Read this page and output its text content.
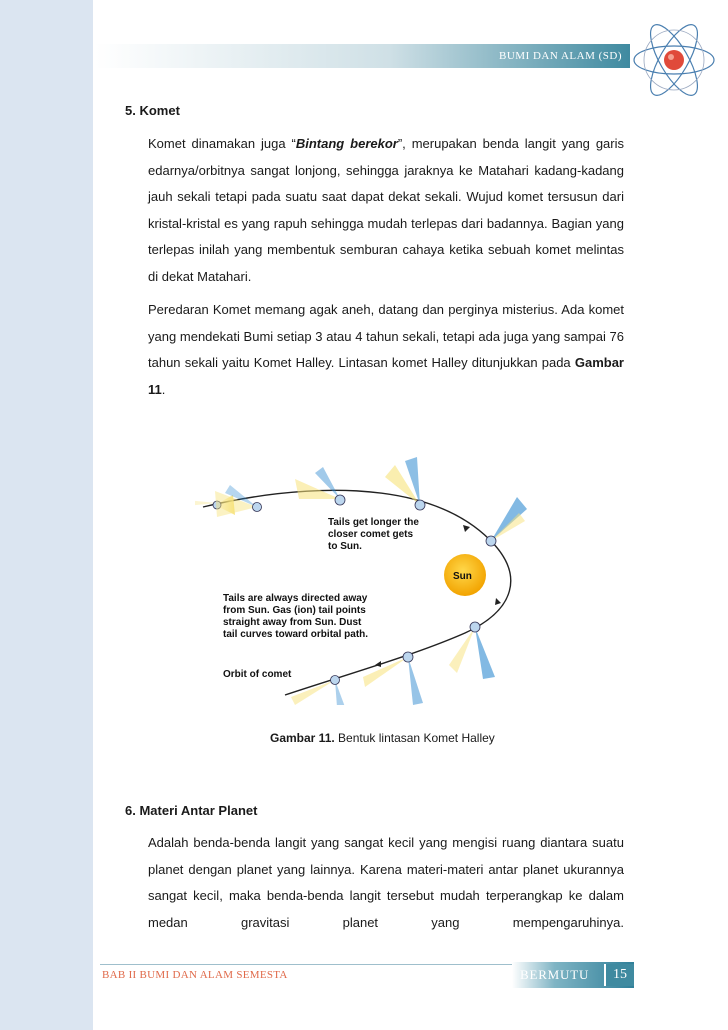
BUMI DAN ALAM (SD)
5. Komet

Komet dinamakan juga “Bintang berekor”, merupakan benda langit yang garis edarnya/orbitnya sangat lonjong, sehingga jaraknya ke Matahari kadang-kadang jauh sekali tetapi pada suatu saat dapat dekat sekali. Wujud komet tersusun dari kristal-kristal es yang rapuh sehingga mudah terlepas dari badannya. Bagian yang terlepas inilah yang membentuk semburan cahaya ketika sebuah komet melintas di dekat Matahari.

Peredaran Komet memang agak aneh, datang dan perginya misterius. Ada komet yang mendekati Bumi setiap 3 atau 4 tahun sekali, tetapi ada juga yang sampai 76 tahun sekali yaitu Komet Halley. Lintasan komet Halley ditunjukkan pada Gambar 11.

Tails get longer the closer comet gets to Sun.
Sun
Tails are always directed away from Sun. Gas (ion) tail points straight away from Sun. Dust tail curves toward orbital path.
Orbit of comet
Gambar 11. Bentuk lintasan Komet Halley
6. Materi Antar Planet

Adalah benda-benda langit yang sangat kecil yang mengisi ruang diantara suatu planet dengan planet yang lainnya. Karena materi-materi antar planet ukurannya sangat kecil, maka benda-benda langit tersebut mudah terperangkap ke dalam medan gravitasi planet yang mempengaruhinya.

BAB II BUMI DAN ALAM SEMESTA	BERMUTU	15
